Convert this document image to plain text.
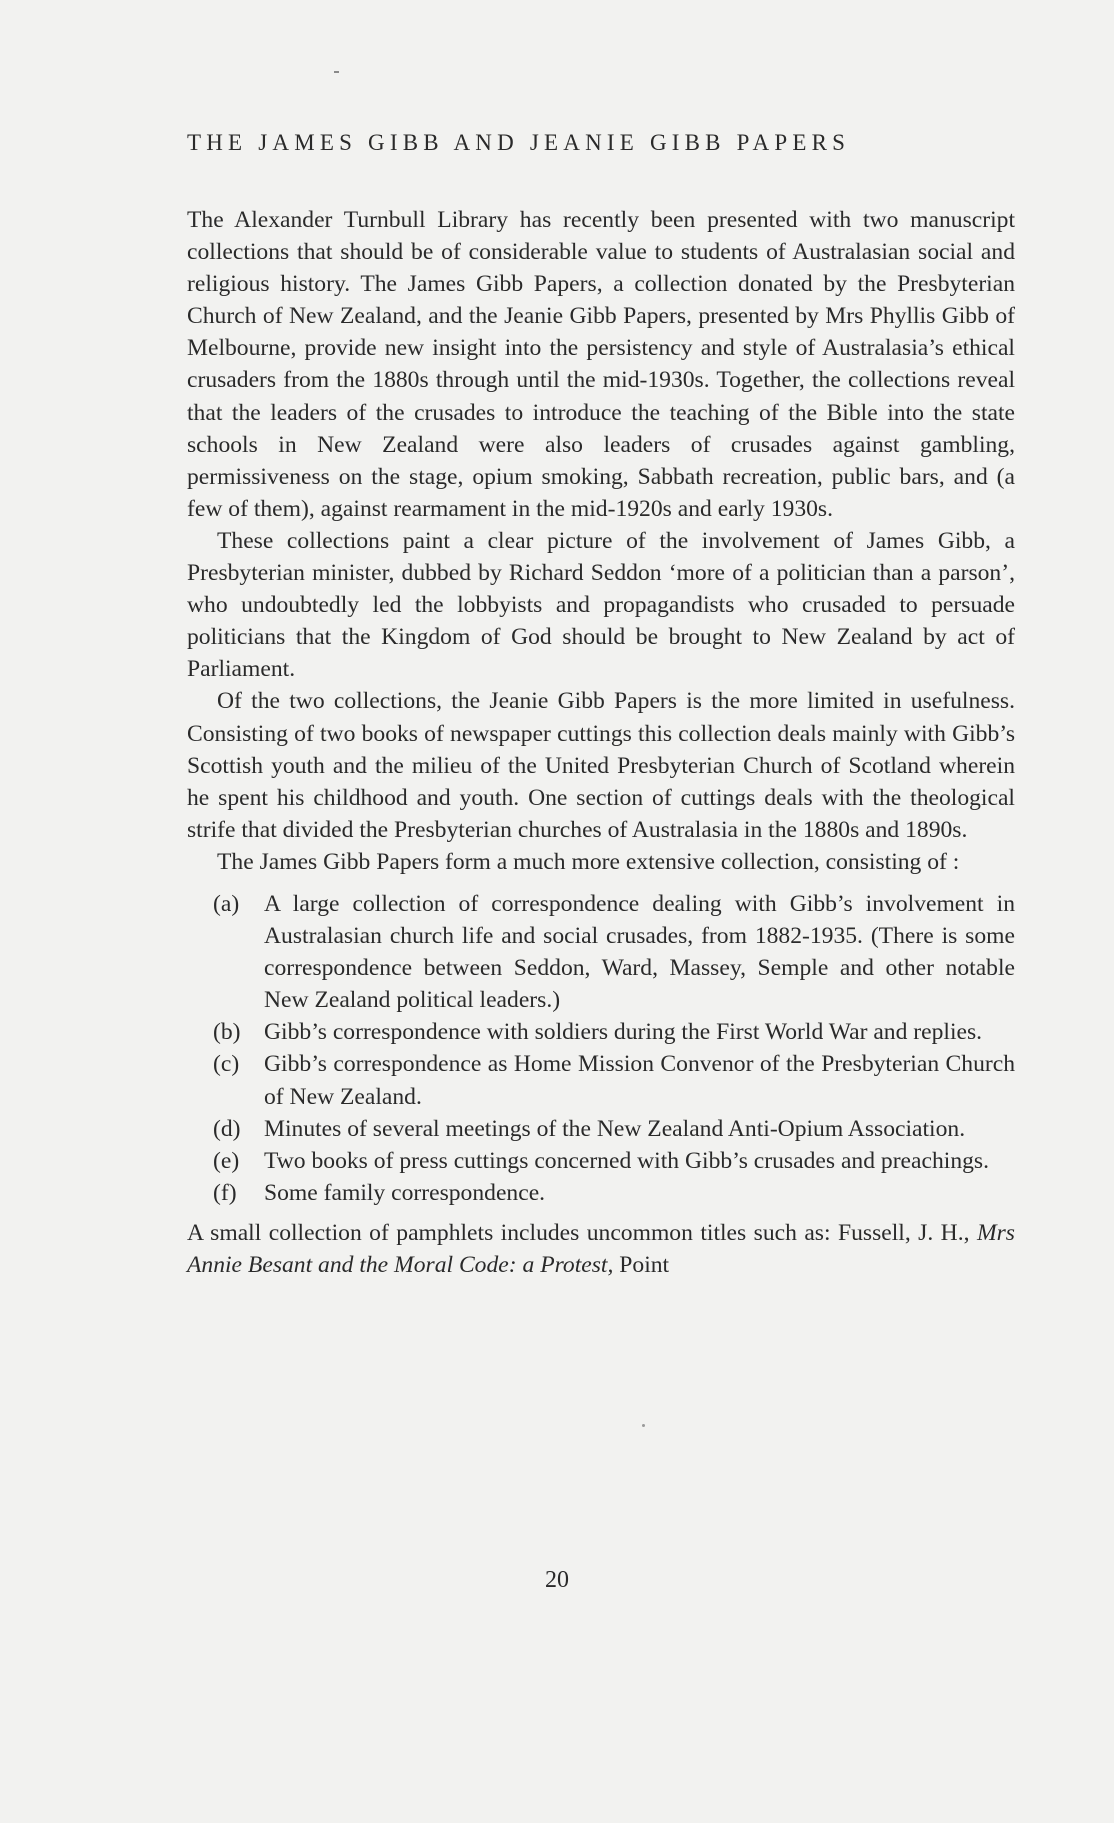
THE JAMES GIBB AND JEANIE GIBB PAPERS

The Alexander Turnbull Library has recently been presented with two manuscript collections that should be of considerable value to students of Australasian social and religious history. The James Gibb Papers, a collection donated by the Presbyterian Church of New Zealand, and the Jeanie Gibb Papers, presented by Mrs Phyllis Gibb of Melbourne, provide new insight into the persistency and style of Australasia’s ethical crusaders from the 1880s through until the mid-1930s. Together, the collections reveal that the leaders of the crusades to introduce the teaching of the Bible into the state schools in New Zealand were also leaders of crusades against gambling, permissiveness on the stage, opium smoking, Sabbath recreation, public bars, and (a few of them), against rearmament in the mid-1920s and early 1930s.

These collections paint a clear picture of the involvement of James Gibb, a Presbyterian minister, dubbed by Richard Seddon ‘more of a politician than a parson’, who undoubtedly led the lobbyists and propagandists who crusaded to persuade politicians that the Kingdom of God should be brought to New Zealand by act of Parliament.

Of the two collections, the Jeanie Gibb Papers is the more limited in usefulness. Consisting of two books of newspaper cuttings this collection deals mainly with Gibb’s Scottish youth and the milieu of the United Presbyterian Church of Scotland wherein he spent his childhood and youth. One section of cuttings deals with the theological strife that divided the Presbyterian churches of Australasia in the 1880s and 1890s.

The James Gibb Papers form a much more extensive collection, consisting of :

(a)	A large collection of correspondence dealing with Gibb’s involvement in Australasian church life and social crusades, from 1882-1935. (There is some correspondence between Seddon, Ward, Massey, Semple and other notable New Zealand political leaders.)
(b) Gibb’s correspondence with soldiers during the First World War and replies.
(c)	Gibb’s correspondence as Home Mission Convenor of the Presbyterian Church of New Zealand.
(d) Minutes of several meetings of the New Zealand Anti-Opium Association.
(e)	Two books of press cuttings concerned with Gibb’s crusades and preachings.
(f)	Some family correspondence.

A small collection of pamphlets includes uncommon titles such as: Fussell, J. H., Mrs Annie Besant and the Moral Code: a Protest, Point

20
